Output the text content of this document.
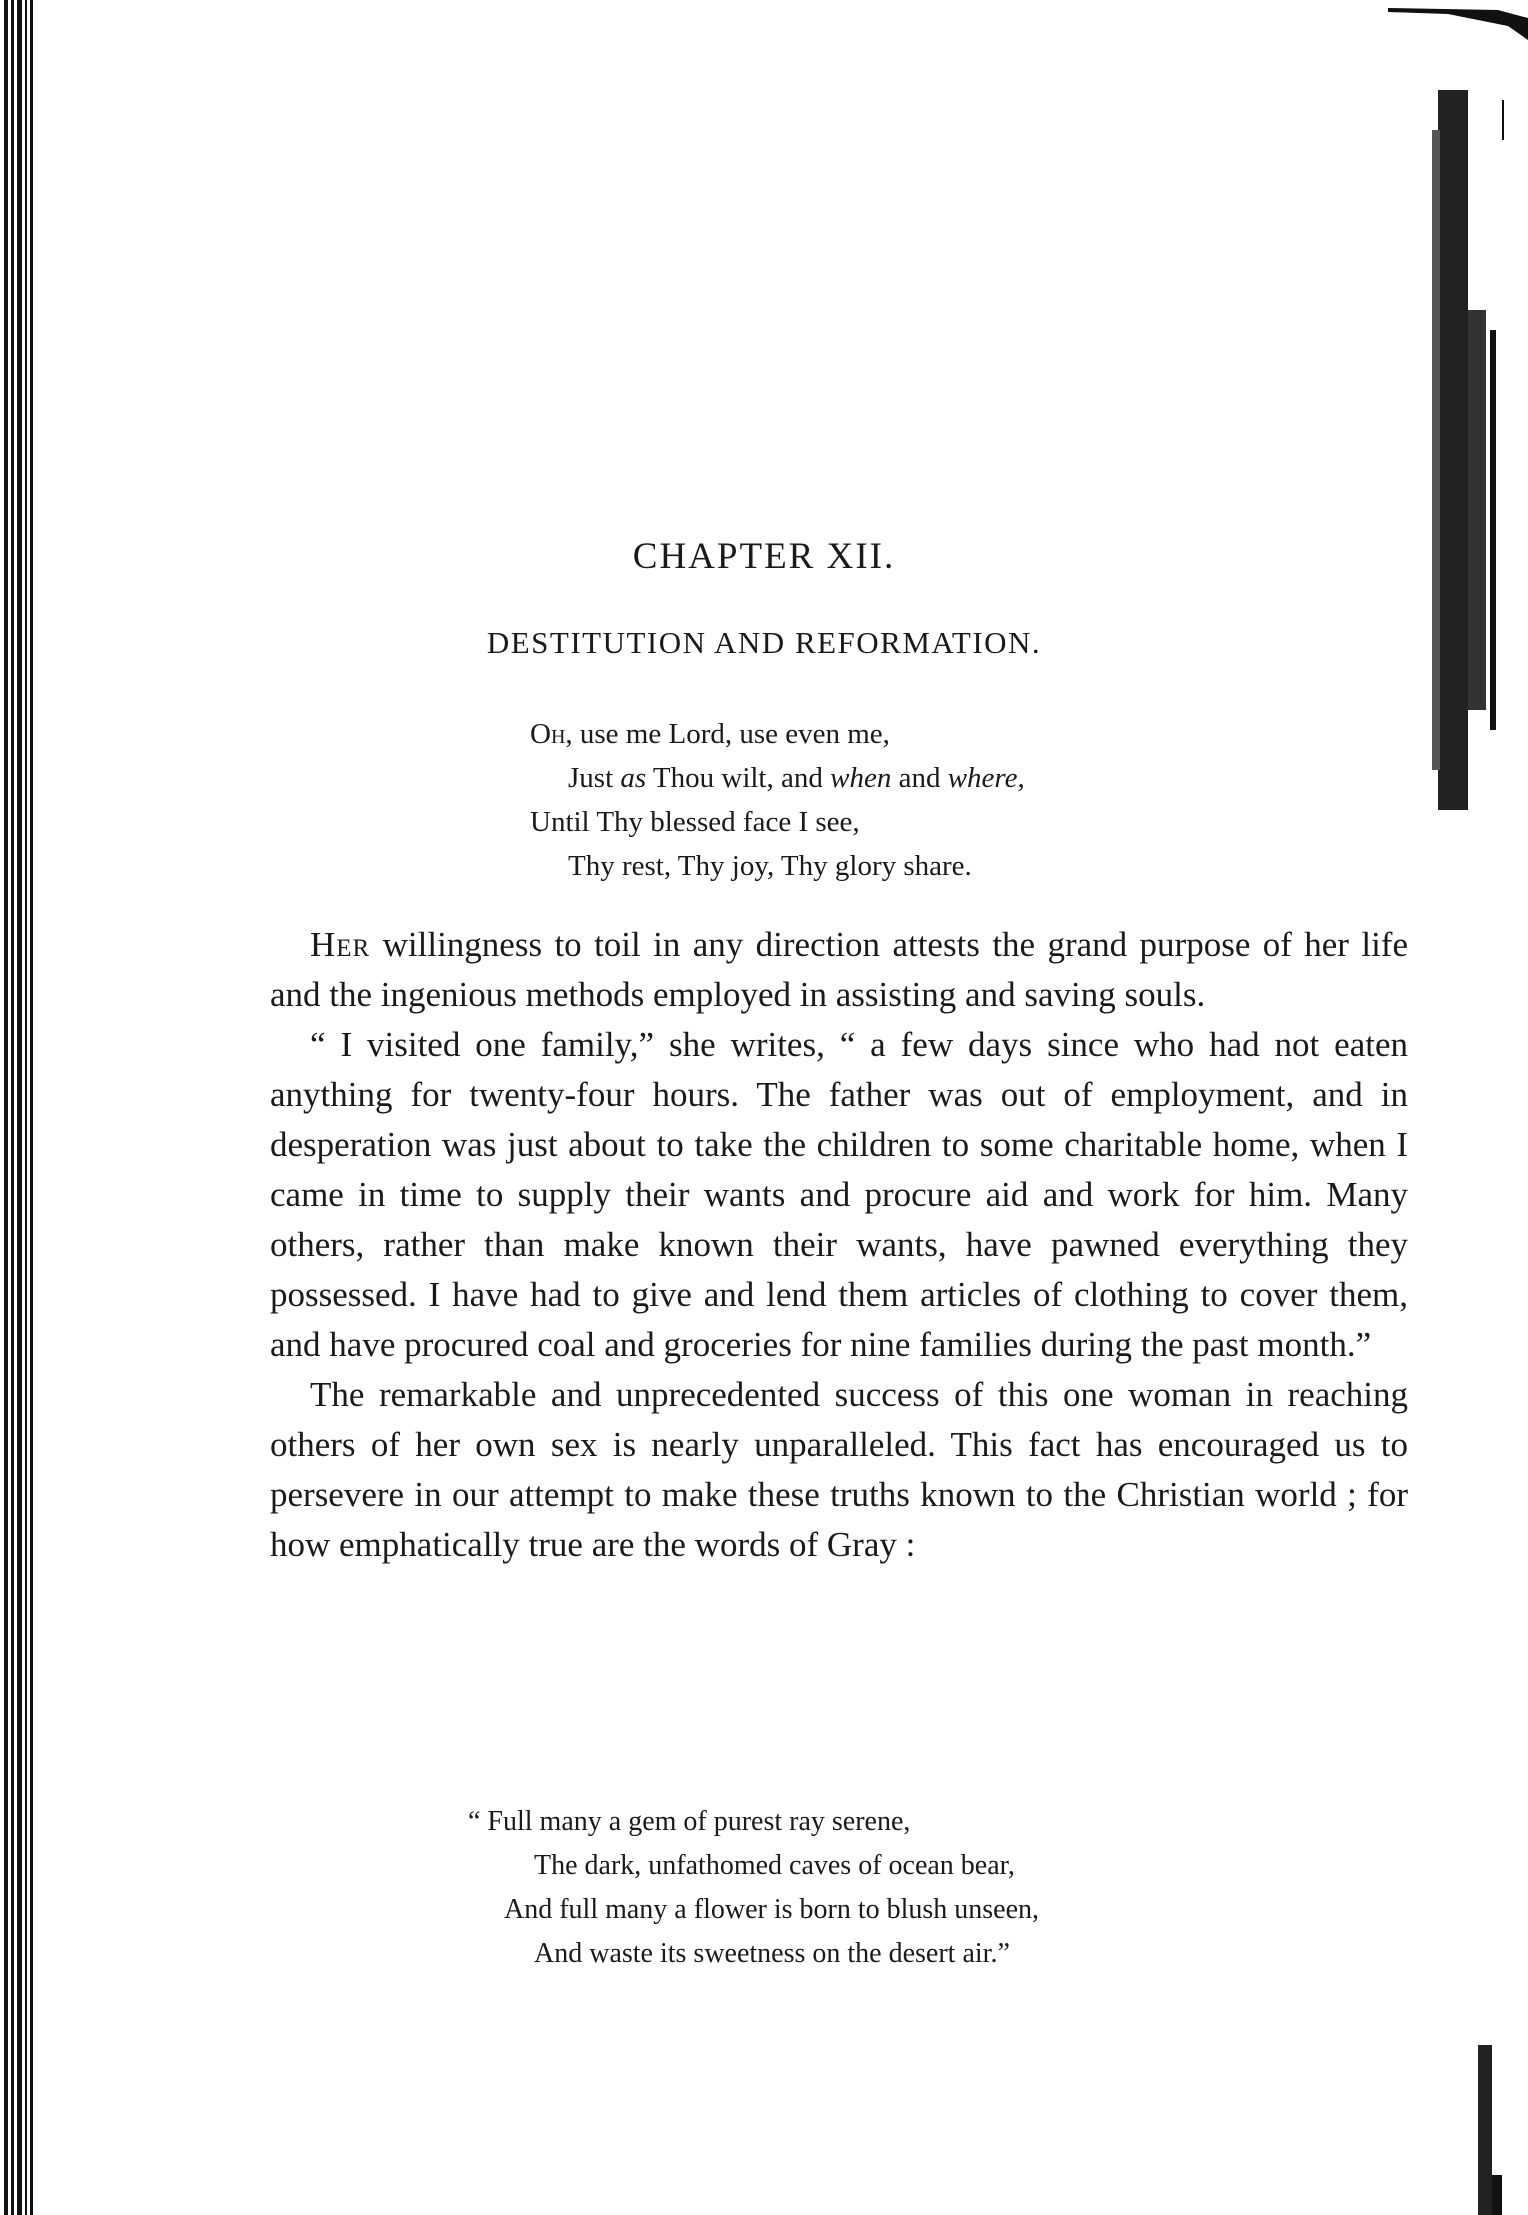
CHAPTER XII.
DESTITUTION AND REFORMATION.
Oh, use me Lord, use even me,
Just as Thou wilt, and when and where,
Until Thy blessed face I see,
Thy rest, Thy joy, Thy glory share.

Her willingness to toil in any direction attests the grand purpose of her life and the ingenious methods employed in assisting and saving souls.

“ I visited one family,” she writes, “ a few days since who had not eaten anything for twenty-four hours. The father was out of employment, and in desperation was just about to take the children to some charitable home, when I came in time to supply their wants and procure aid and work for him. Many others, rather than make known their wants, have pawned everything they possessed. I have had to give and lend them articles of clothing to cover them, and have procured coal and groceries for nine families during the past month.”

The remarkable and unprecedented success of this one woman in reaching others of her own sex is nearly unparalleled. This fact has encouraged us to persevere in our attempt to make these truths known to the Christian world ; for how emphatically true are the words of Gray :

“ Full many a gem of purest ray serene,
The dark, unfathomed caves of ocean bear,
And full many a flower is born to blush unseen,
And waste its sweetness on the desert air.”
